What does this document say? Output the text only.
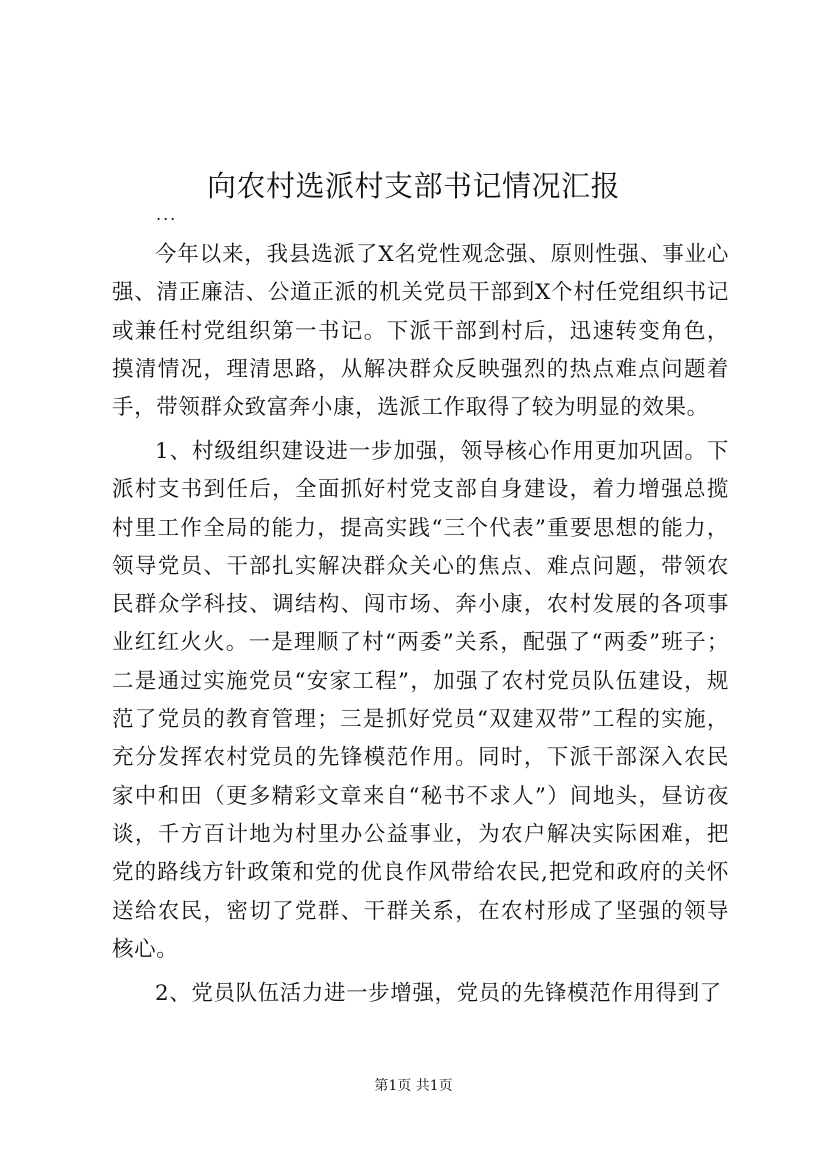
向农村选派村支部书记情况汇报
...

今年以来，我县选派了X名党性观念强、原则性强、事业心强、清正廉洁、公道正派的机关党员干部到X个村任党组织书记或兼任村党组织第一书记。下派干部到村后，迅速转变角色，摸清情况，理清思路，从解决群众反映强烈的热点难点问题着手，带领群众致富奔小康，选派工作取得了较为明显的效果。

1、村级组织建设进一步加强，领导核心作用更加巩固。下派村支书到任后，全面抓好村党支部自身建设，着力增强总揽村里工作全局的能力，提高实践“三个代表”重要思想的能力，领导党员、干部扎实解决群众关心的焦点、难点问题，带领农民群众学科技、调结构、闯市场、奔小康，农村发展的各项事业红红火火。一是理顺了村“两委”关系，配强了“两委”班子；二是通过实施党员“安家工程”，加强了农村党员队伍建设，规范了党员的教育管理；三是抓好党员“双建双带”工程的实施，充分发挥农村党员的先锋模范作用。同时，下派干部深入农民家中和田（更多精彩文章来自“秘书不求人”）间地头，昼访夜谈，千方百计地为村里办公益事业，为农户解决实际困难，把党的路线方针政策和党的优良作风带给农民,把党和政府的关怀送给农民，密切了党群、干群关系，在农村形成了坚强的领导核心。

2、党员队伍活力进一步增强，党员的先锋模范作用得到了

第1页 共1页
